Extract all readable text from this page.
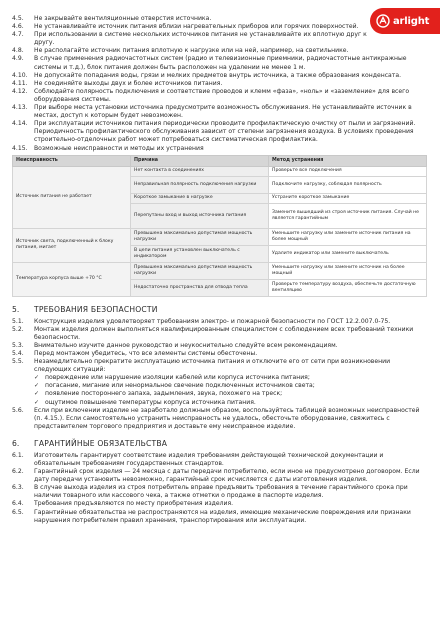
arlight
4.5.	Не закрывайте вентиляционные отверстия источника.
4.6.	Не устанавливайте источник питания вблизи нагревательных приборов или горячих поверхностей.
4.7.	При использовании в системе нескольких источников питания не устанавливайте их вплотную друг к другу.
4.8.	Не располагайте источник питания вплотную к нагрузке или на ней, например, на светильнике.
4.9.	В случае применения радиочастотных систем (радио и телевизионные приемники, радиочастотные антикражные системы и т.д.), блок питания должен быть расположен на удалении не менее 1 м.
4.10.	Не допускайте попадания воды, грязи и мелких предметов внутрь источника, а также образования конденсата.
4.11.	Не соединяйте выходы двух и более источников питания.
4.12.	Соблюдайте полярность подключения и соответствие проводов и клемм «фаза», «ноль» и «заземление» для всего оборудования системы.
4.13.	При выборе места установки источника предусмотрите возможность обслуживания. Не устанавливайте источник в местах, доступ к которым будет невозможен.
4.14.	При эксплуатации источников питания периодически проводите профилактическую очистку от пыли и загрязнений. Периодичность профилактического обслуживания зависит от степени загрязнения воздуха. В условиях проведения строительно-отделочных работ может потребоваться систематическая профилактика.
4.15.	Возможные неисправности и методы их устранения
Неисправность	Причина	Метод устранения
Источник питания не работает	Нет контакта в соединениях	Проверьте все подключения
	Неправильная полярность подключения нагрузки	Подключите нагрузку, соблюдая полярность
	Короткое замыкание в нагрузке	Устраните короткое замыкание
	Перепутаны вход и выход источника питания	Замените вышедший из строя источник питания. Случай не является гарантийным
Источник света, подключенный к блоку питания, мигает	Превышена максимально допустимая мощность нагрузки	Уменьшите нагрузку или замените источник питания на более мощный
	В цепи питания установлен выключатель с индикатором	Удалите индикатор или замените выключатель
Температура корпуса выше +70 °С	Превышена максимально допустимая мощность нагрузки	Уменьшите нагрузку или замените источник на более мощный
	Недостаточно пространства для отвода тепла	Проверьте температуру воздуха, обеспечьте достаточную вентиляцию
5.	ТРЕБОВАНИЯ БЕЗОПАСНОСТИ
5.1.	Конструкция изделия удовлетворяет требованиям электро- и пожарной безопасности по ГОСТ 12.2.007.0-75.
5.2.	Монтаж изделия должен выполняться квалифицированным специалистом с соблюдением всех требований техники безопасности.
5.3.	Внимательно изучите данное руководство и неукоснительно следуйте всем рекомендациям.
5.4.	Перед монтажом убедитесь, что все элементы системы обесточены.
5.5.	Незамедлительно прекратите эксплуатацию источника питания и отключите его от сети при возникновении следующих ситуаций:
✓ повреждение или нарушение изоляции кабелей или корпуса источника питания;
✓ погасание, мигание или ненормальное свечение подключенных источников света;
✓ появление постороннего запаха, задымления, звука, похожего на треск;
✓ ощутимое повышение температуры корпуса источника питания.
5.6.	Если при включении изделие не заработало должным образом, воспользуйтесь таблицей возможных неисправностей (п. 4.15.). Если самостоятельно устранить неисправность не удалось, обесточьте оборудование, свяжитесь с представителем торгового предприятия и доставьте ему неисправное изделие.
6.	ГАРАНТИЙНЫЕ ОБЯЗАТЕЛЬСТВА
6.1.	Изготовитель гарантирует соответствие изделия требованиям действующей технической документации и обязательным требованиям государственных стандартов.
6.2.	Гарантийный срок изделия — 24 месяца с даты передачи потребителю, если иное не предусмотрено договором. Если дату передачи установить невозможно, гарантийный срок исчисляется с даты изготовления изделия.
6.3.	В случае выхода изделия из строя потребитель вправе предъявить требования в течение гарантийного срока при наличии товарного или кассового чека, а также отметки о продаже в паспорте изделия.
6.4.	Требования предъявляются по месту приобретения изделия.
6.5.	Гарантийные обязательства не распространяются на изделия, имеющие механические повреждения или признаки нарушения потребителем правил хранения, транспортирования или эксплуатации.
